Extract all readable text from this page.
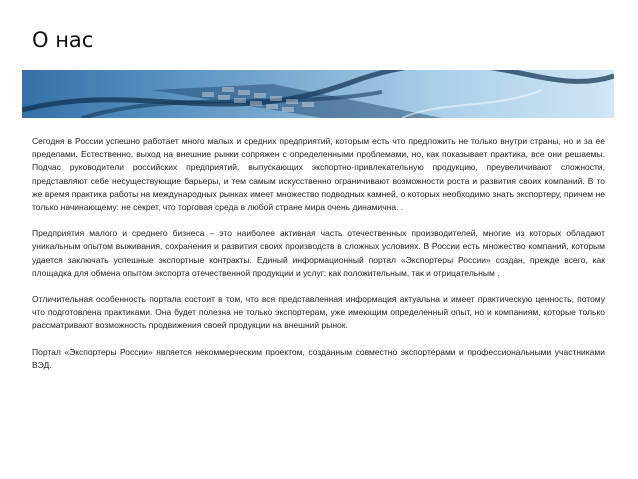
О нас

Сегодня в России успешно работает много малых и средних предприятий, которым есть что предложить не только внутри страны, но и за ее пределами. Естественно, выход на внешние рынки сопряжен с определенными проблемами, но, как показывает практика, все они решаемы. Подчас руководители российских предприятий, выпускающих экспортно-привлекательную продукцию, преувеличивают сложности, представляют себе несуществующие барьеры, и тем самым искусственно ограничивают возможности роста и развития своих компаний. В то же время практика работы на международных рынках имеет множество подводных камней, о которых необходимо знать экспортеру, причем не только начинающему: не секрет, что торговая среда в любой стране мира очень динамична. .

Предприятия малого и среднего бизнеса – это наиболее активная часть отечественных производителей, многие из которых обладают уникальным опытом выживания, сохранения и развития своих производств в сложных условиях. В России есть множество компаний, которым удается заключать успешные экспортные контракты. Единый информационный портал «Экспортеры России» создан, прежде всего, как площадка для обмена опытом экспорта отечественной продукции и услуг: как положительным, так и отрицательным .

Отличительная особенность портала состоит в том, что вся представленная информация актуальна и имеет практическую ценность, потому что подготовлена практиками. Она будет полезна не только экспортерам, уже имеющим определенный опыт, но и компаниям, которые только рассматривают возможность продвижения своей продукции на внешний рынок.

Портал «Экспортеры России» является некоммерческим проектом, созданным совместно экспортерами и профессиональными участниками ВЭД.
